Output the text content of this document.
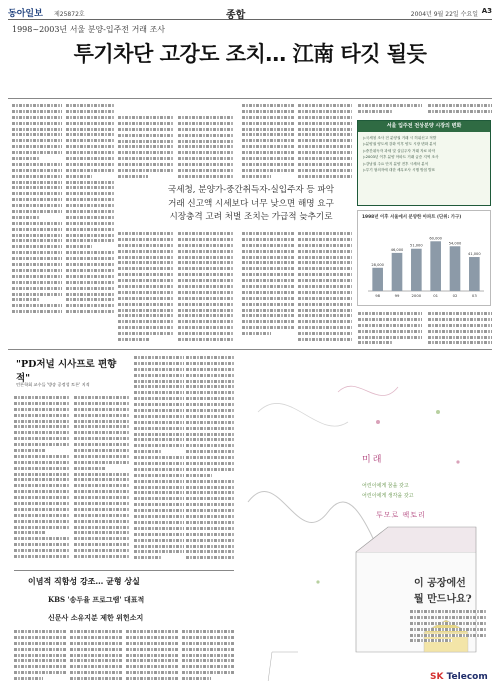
동아일보 제25872호	종합	2004년 9월 22일 수요일 A3
1998~2003년 서울 분양-입주전 거래 조사
투기차단 고강도 조치… 江南 타깃 될듯
국세청, 분양가-중간취득자-실입주자 등 파악
거래 신고액 시세보다 너무 낮으면 해명 요구
시장충격 고려 처벌 조치는 가급적 늦추기로
서울 입주전 전상분양 시장의 변화
▷국세청 조사 전 분양권 거래 시 허위신고 적발
▷분양권 양도세 강화 이후 양도 시장 변화 분석
▷중간취득자 과세 및 실입주자 거래 자료 파악
▷2003년 이후 분양 아파트 거래 급증 지역 조사
▷강남권 주요 단지 분양 전후 시세차 분석
▷투기 혐의자에 대한 세무조사 시행 방침 발표
1998년 이후 서울에서 분양한 아파트 (단위: 가구)
28,000
98
46,000
99
51,000
2000
60,000
01
54,000
02
41,000
03
"PD저널 시사프로 편향적"
언론학회 교수들 '방송 공정성 토론' 지적
이념적 직함성 강조… 균형 상실
KBS '송두율 프로그램' 대표적
신문사 소유지분 제한 위헌소지
미래
어린이에게 꿈을 갖고
어린이에게 생각을 갖고
투모로 팩토리
이 공장에선
뭘 만드나요?
SK Telecom
